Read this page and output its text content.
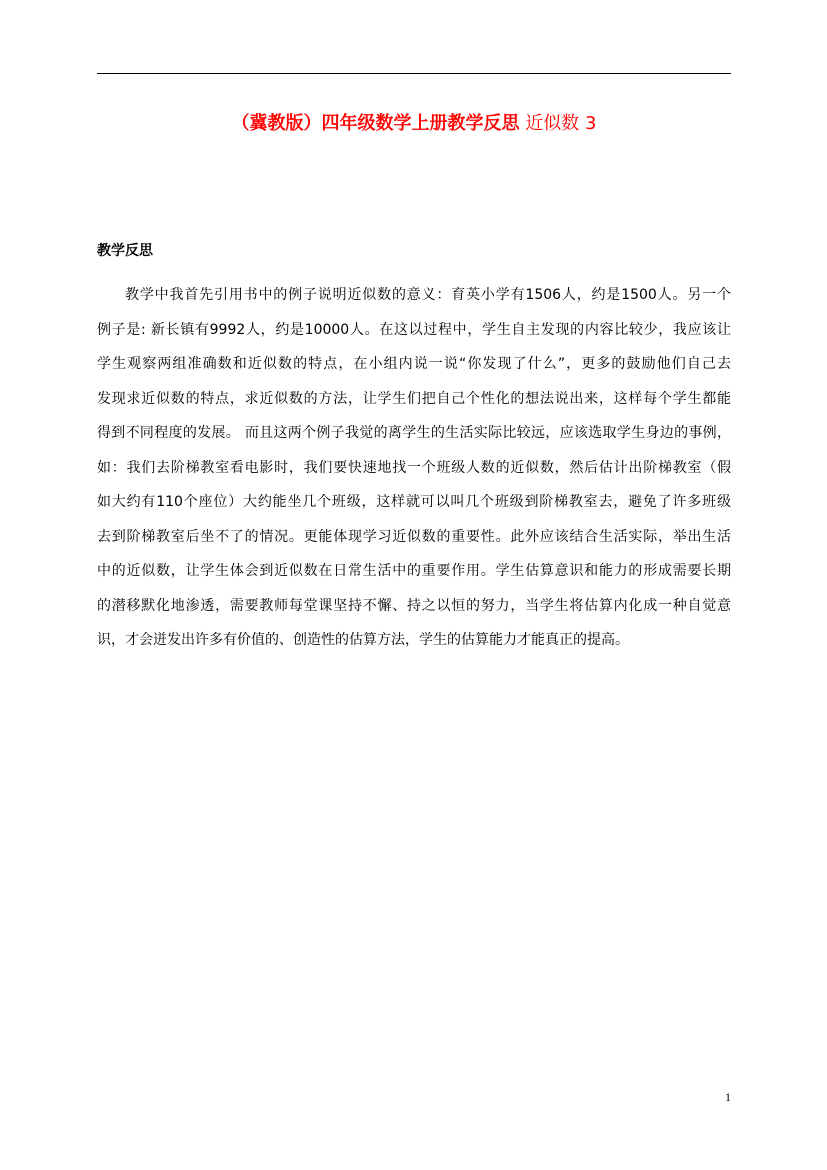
（冀教版）四年级数学上册教学反思 近似数 3
教学反思
教学中我首先引用书中的例子说明近似数的意义：育英小学有1506人，约是1500人。另一个
例子是: 新长镇有9992人，约是10000人。在这以过程中，学生自主发现的内容比较少，我应该让
学生观察两组准确数和近似数的特点，在小组内说一说“你发现了什么”，更多的鼓励他们自己去
发现求近似数的特点，求近似数的方法，让学生们把自己个性化的想法说出来，这样每个学生都能
得到不同程度的发展。 而且这两个例子我觉的离学生的生活实际比较远，应该选取学生身边的事例，
如：我们去阶梯教室看电影时，我们要快速地找一个班级人数的近似数，然后估计出阶梯教室（假
如大约有110个座位）大约能坐几个班级，这样就可以叫几个班级到阶梯教室去，避免了许多班级
去到阶梯教室后坐不了的情况。更能体现学习近似数的重要性。此外应该结合生活实际，举出生活
中的近似数，让学生体会到近似数在日常生活中的重要作用。学生估算意识和能力的形成需要长期
的潜移默化地渗透，需要教师每堂课坚持不懈、持之以恒的努力，当学生将估算内化成一种自觉意
识，才会迸发出许多有价值的、创造性的估算方法，学生的估算能力才能真正的提高。
1
